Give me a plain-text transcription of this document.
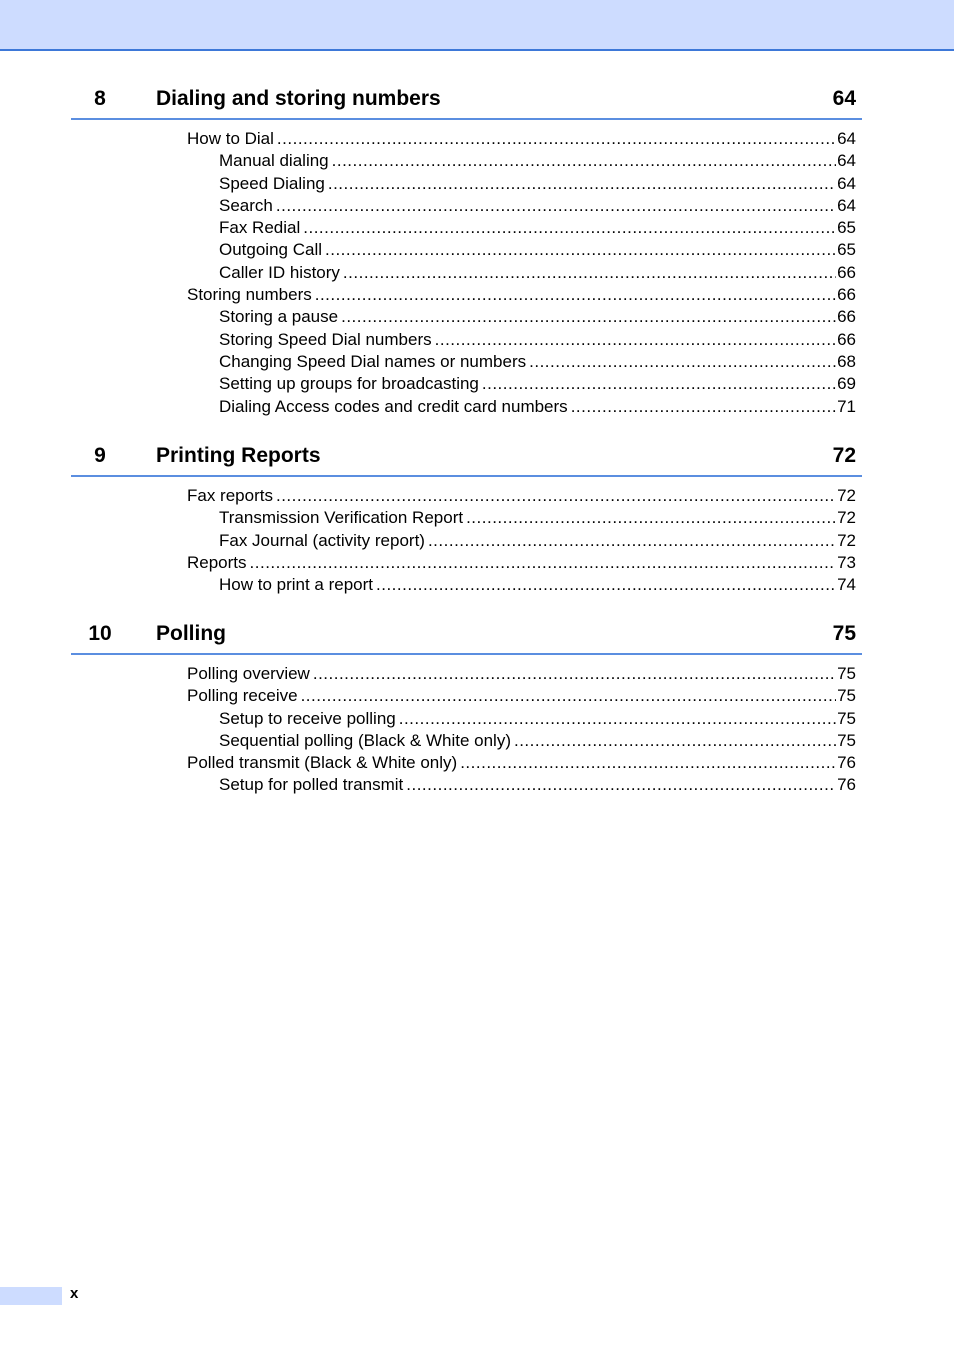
8	Dialing and storing numbers	64
How to Dial .....	64
Manual dialing .....	64
Speed Dialing .....	64
Search .....	64
Fax Redial .....	65
Outgoing Call .....	65
Caller ID history .....	66
Storing numbers .....	66
Storing a pause .....	66
Storing Speed Dial numbers .....	66
Changing Speed Dial names or numbers .....	68
Setting up groups for broadcasting .....	69
Dialing Access codes and credit card numbers .....	71
9	Printing Reports	72
Fax reports .....	72
Transmission Verification Report .....	72
Fax Journal (activity report) .....	72
Reports .....	73
How to print a report .....	74
10	Polling	75
Polling overview .....	75
Polling receive .....	75
Setup to receive polling .....	75
Sequential polling (Black & White only) .....	75
Polled transmit (Black & White only) .....	76
Setup for polled transmit .....	76
x
